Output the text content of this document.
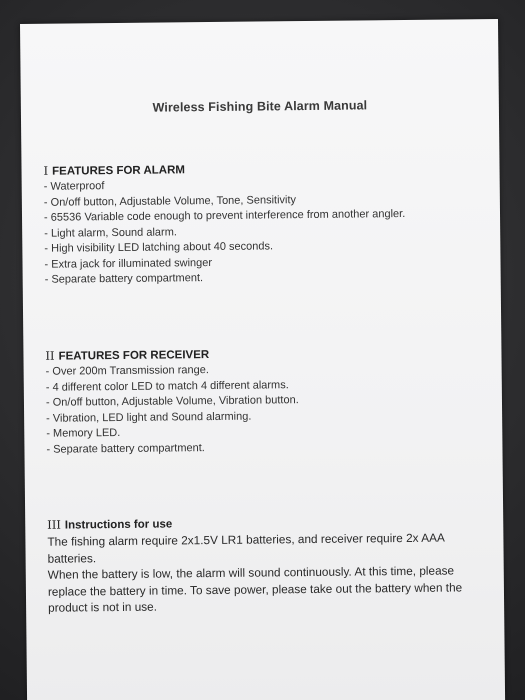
Wireless Fishing Bite Alarm Manual
I FEATURES FOR ALARM
- Waterproof
- On/off button, Adjustable Volume, Tone, Sensitivity
- 65536 Variable code enough to prevent interference from another angler.
- Light alarm, Sound alarm.
- High visibility LED latching about 40 seconds.
- Extra jack for illuminated swinger
- Separate battery compartment.
II FEATURES FOR RECEIVER
- Over 200m Transmission range.
- 4 different color LED to match 4 different alarms.
- On/off button, Adjustable Volume, Vibration button.
- Vibration, LED light and Sound alarming.
- Memory LED.
- Separate battery compartment.
III Instructions for use

The fishing alarm require 2x1.5V LR1 batteries, and receiver require 2x AAA batteries.

When the battery is low, the alarm will sound continuously. At this time, please replace the battery in time. To save power, please take out the battery when the product is not in use.
